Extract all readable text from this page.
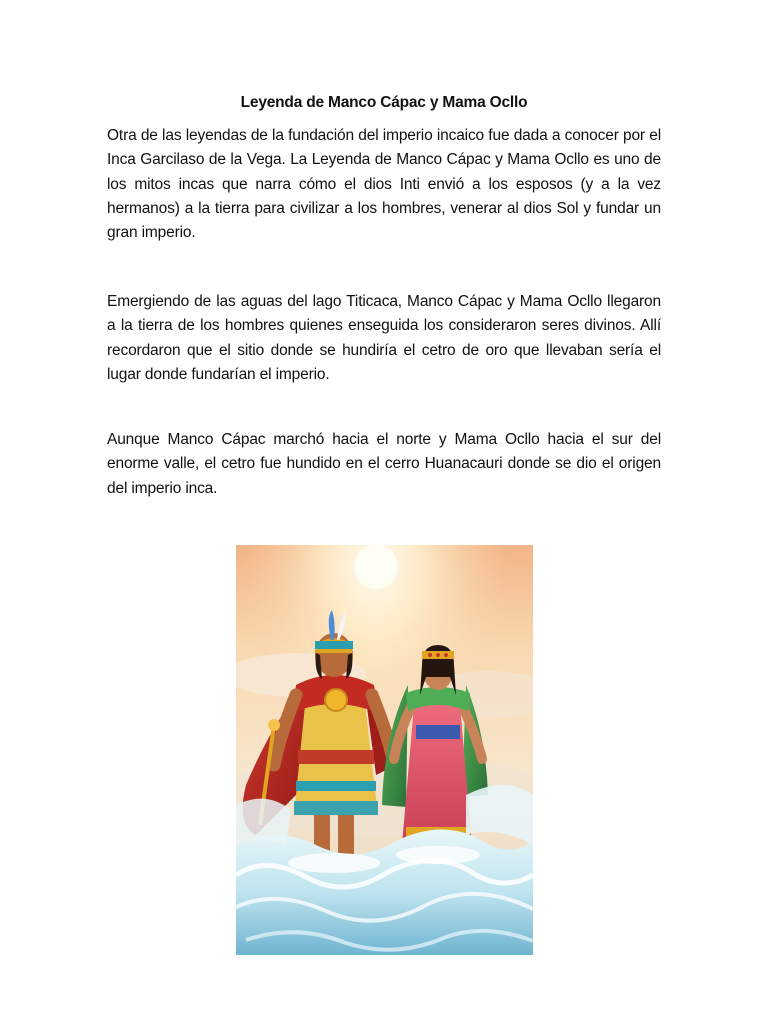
Leyenda de Manco Cápac y Mama Ocllo

Otra de las leyendas de la fundación del imperio incaico fue dada a conocer por el Inca Garcilaso de la Vega. La Leyenda de Manco Cápac y Mama Ocllo es uno de los mitos incas que narra cómo el dios Inti envió a los esposos (y a la vez hermanos) a la tierra para civilizar a los hombres, venerar al dios Sol y fundar un gran imperio.

Emergiendo de las aguas del lago Titicaca, Manco Cápac y Mama Ocllo llegaron a la tierra de los hombres quienes enseguida los consideraron seres divinos. Allí recordaron que el sitio donde se hundiría el cetro de oro que llevaban sería el lugar donde fundarían el imperio.

Aunque Manco Cápac marchó hacia el norte y Mama Ocllo hacia el sur del enorme valle, el cetro fue hundido en el cerro Huanacauri donde se dio el origen del imperio inca.
